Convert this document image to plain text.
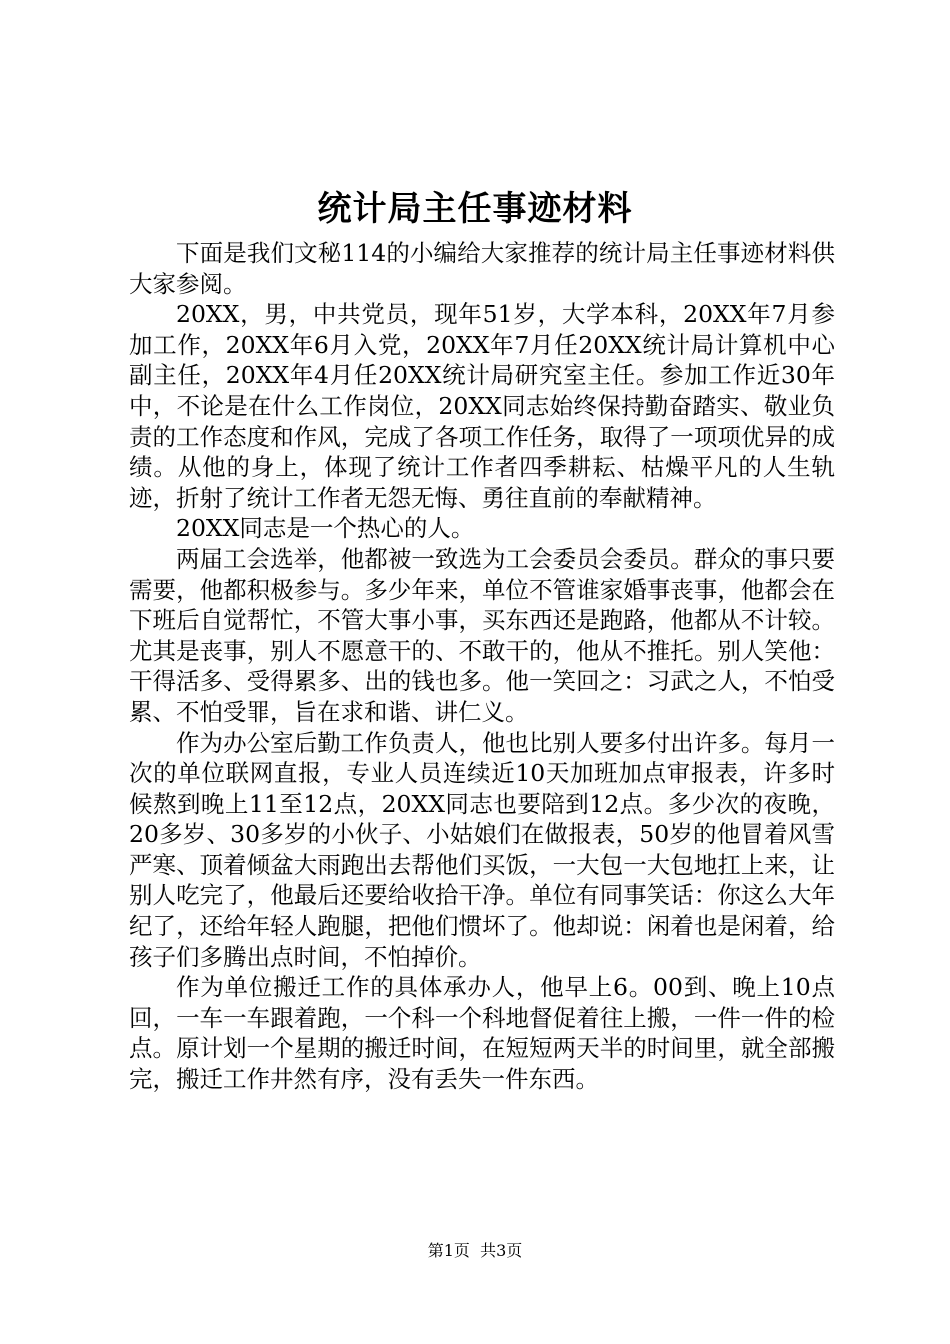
统计局主任事迹材料

下面是我们文秘114的小编给大家推荐的统计局主任事迹材料供大家参阅。

20XX，男，中共党员，现年51岁，大学本科，20XX年7月参加工作，20XX年6月入党，20XX年7月任20XX统计局计算机中心副主任，20XX年4月任20XX统计局研究室主任。参加工作近30年中，不论是在什么工作岗位，20XX同志始终保持勤奋踏实、敬业负责的工作态度和作风，完成了各项工作任务，取得了一项项优异的成绩。从他的身上，体现了统计工作者四季耕耘、枯燥平凡的人生轨迹，折射了统计工作者无怨无悔、勇往直前的奉献精神。

20XX同志是一个热心的人。

两届工会选举，他都被一致选为工会委员会委员。群众的事只要需要，他都积极参与。多少年来，单位不管谁家婚事丧事，他都会在下班后自觉帮忙，不管大事小事，买东西还是跑路，他都从不计较。尤其是丧事，别人不愿意干的、不敢干的，他从不推托。别人笑他：干得活多、受得累多、出的钱也多。他一笑回之：习武之人，不怕受累、不怕受罪，旨在求和谐、讲仁义。

作为办公室后勤工作负责人，他也比别人要多付出许多。每月一次的单位联网直报，专业人员连续近10天加班加点审报表，许多时候熬到晚上11至12点，20XX同志也要陪到12点。多少次的夜晚，20多岁、30多岁的小伙子、小姑娘们在做报表，50岁的他冒着风雪严寒、顶着倾盆大雨跑出去帮他们买饭，一大包一大包地扛上来，让别人吃完了，他最后还要给收拾干净。单位有同事笑话：你这么大年纪了，还给年轻人跑腿，把他们惯坏了。他却说：闲着也是闲着，给孩子们多腾出点时间，不怕掉价。

作为单位搬迁工作的具体承办人，他早上6。00到、晚上10点回，一车一车跟着跑，一个科一个科地督促着往上搬，一件一件的检点。原计划一个星期的搬迁时间，在短短两天半的时间里，就全部搬完，搬迁工作井然有序，没有丢失一件东西。

第1页 共3页
